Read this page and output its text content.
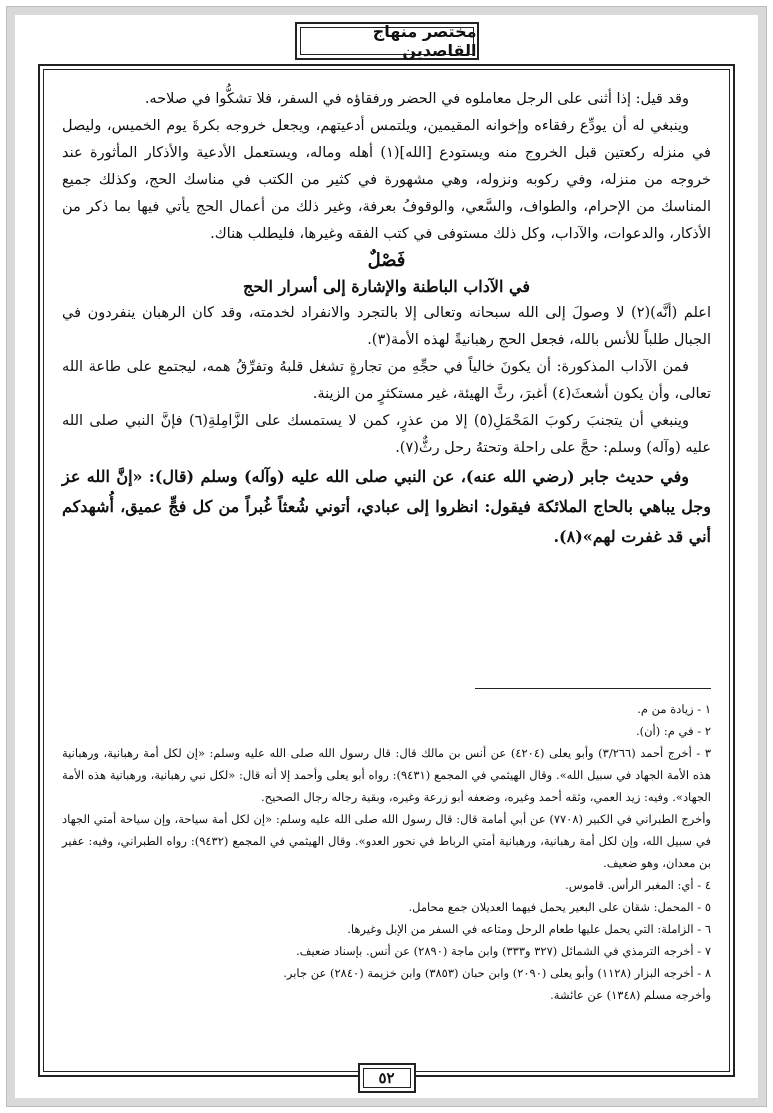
مختصر منهاج القاصدين

وقد قيل: إذا أثنى على الرجل معاملوه في الحضر ورفقاؤه في السفر، فلا تشكُّوا في صلاحه.

وينبغي له أن يودِّع رفقاءه وإخوانه المقيمين، ويلتمس أدعيتهم، ويجعل خروجه بكرةَ يوم الخميس، وليصل في منزله ركعتين قبل الخروج منه ويستودع [الله](١) أهله وماله، ويستعمل الأدعية والأذكار المأثورة عند خروجه من منزله، وفي ركوبه ونزوله، وهي مشهورة في كثير من الكتب في مناسك الحج، وكذلك جميع المناسك من الإحرام، والطواف، والسَّعي، والوقوفُ بعرفة، وغير ذلك من أعمال الحج يأتي فيها بما ذكر من الأذكار، والدعوات، والآداب، وكل ذلك مستوفى في كتب الفقه وغيرها، فليطلب هناك.

فَصْلٌ

في الآداب الباطنة والإشارة إلى أسرار الحج

اعلم (أنَّه)(٢) لا وصولَ إلى الله سبحانه وتعالى إلا بالتجرد والانفراد لخدمته، وقد كان الرهبان ينفردون في الجبال طلباً للأنس بالله، فجعل الحج رهبانيةً لهذه الأمة(٣).

فمن الآداب المذكورة: أن يكونَ خالياً في حجِّهِ من تجارةٍ تشغل قلبهُ وتفرِّقُ همه، ليجتمع على طاعة الله تعالى، وأن يكون أشعثَ(٤) أغبرَ، رثَّ الهيئة، غير مستكثرٍ من الزينة.

وينبغي أن يتجنبَ ركوبَ المَحْمَلِ(٥) إلا من عذرٍ، كمن لا يستمسك على الزَّامِلةِ(٦) فإنَّ النبي صلى الله عليه (وآله) وسلم: حجَّ على راحلة وتحتهُ رحل رثٌّ(٧).

وفي حديث جابر (رضي الله عنه)، عن النبي صلى الله عليه (وآله) وسلم (قال): «إنَّ الله عز وجل يباهي بالحاج الملائكة فيقول: انظروا إلى عبادي، أتوني شُعثاً غُبراً من كل فجٍّ عميق، أُشهدكم أني قد غفرت لهم»(٨).

١ - زيادة من م.

٢ - في م: (أن).

٣ - أخرج أحمد (٣/٢٦٦) وأبو يعلى (٤٢٠٤) عن أنس بن مالك قال: قال رسول الله صلى الله عليه وسلم: «إن لكل أمة رهبانية، ورهبانية هذه الأمة الجهاد في سبيل الله». وقال الهيثمي في المجمع (٩٤٣١): رواه أبو يعلى وأحمد إلا أنه قال: «لكل نبي رهبانية، ورهبانية هذه الأمة الجهاد». وفيه: زيد العمي، وثقه أحمد وغيره، وضعفه أبو زرعة وغيره، وبقية رجاله رجال الصحيح.

وأخرج الطبراني في الكبير (٧٧٠٨) عن أبي أمامة قال: قال رسول الله صلى الله عليه وسلم: «إن لكل أمة سياحة، وإن سياحة أمتي الجهاد في سبيل الله، وإن لكل أمة رهبانية، ورهبانية أمتي الرباط في نحور العدو». وقال الهيثمي في المجمع (٩٤٣٢): رواه الطبراني، وفيه: عفير بن معدان، وهو ضعيف.

٤ - أي: المغبر الرأس. قاموس.

٥ - المحمل: شقان على البعير يحمل فيهما العديلان جمع محامل.

٦ - الزاملة: التي يحمل عليها طعام الرحل ومتاعه في السفر من الإبل وغيرها.

٧ - أخرجه الترمذي في الشمائل (٣٢٧ و٣٣٣) وابن ماجة (٢٨٩٠) عن أنس. بإسناد ضعيف.

٨ - أخرجه البزار (١١٢٨) وأبو يعلى (٢٠٩٠) وابن حبان (٣٨٥٣) وابن خزيمة (٢٨٤٠) عن جابر.

وأخرجه مسلم (١٣٤٨) عن عائشة.

٥٢
